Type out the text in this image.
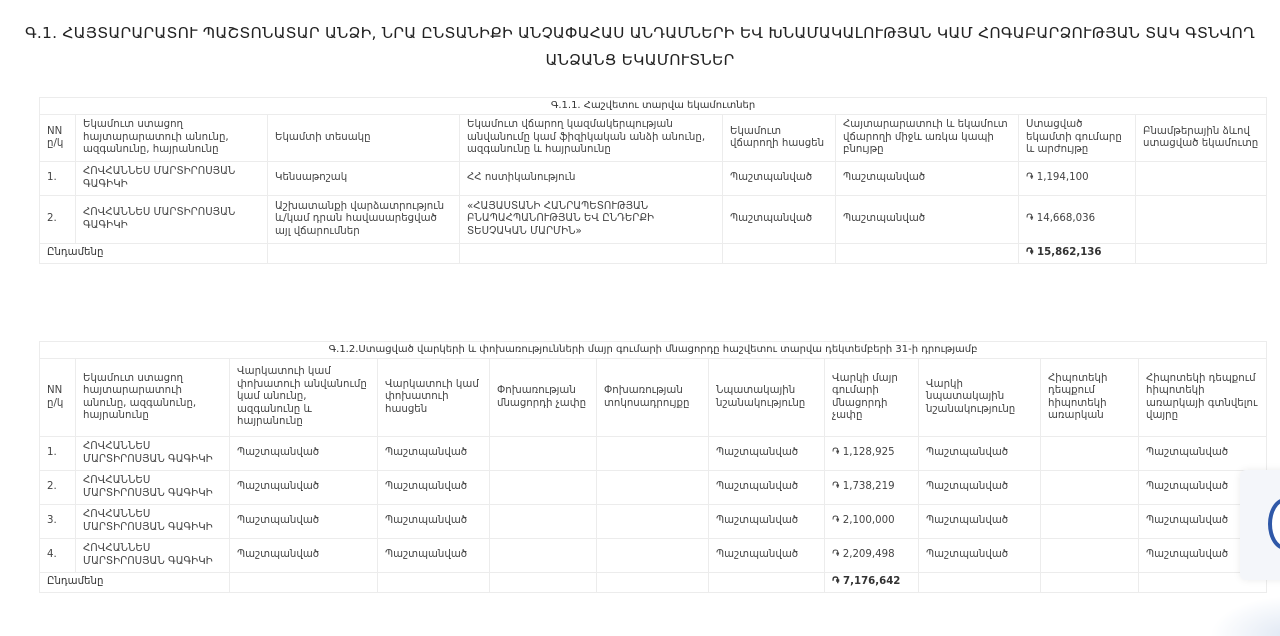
Գ.1. ՀԱՅՏԱՐԱՐԱՏՈՒ ՊԱՇՏՈՆԱՏԱՐ ԱՆՁԻ, ՆՐԱ ԸՆՏԱՆԻՔԻ ԱՆՉԱՓԱՀԱՍ ԱՆԴԱՄՆԵՐԻ ԵՎ ԽՆԱՄԱԿԱԼՈՒԹՅԱՆ ԿԱՄ ՀՈԳԱԲԱՐՁՈՒԹՅԱՆ ՏԱԿ ԳՏՆՎՈՂ
ԱՆՁԱՆՑ ԵԿԱՄՈՒՏՆԵՐ
Գ.1.1. Հաշվետու տարվա եկամուտներ							
NN ը/կ	Եկամուտ ստացող հայտարարատուի անունը, ազգանունը, հայրանունը	Եկամտի տեսակը	Եկամուտ վճարող կազմակերպության անվանումը կամ ֆիզիկական անձի անունը, ազգանունը և հայրանունը	Եկամուտ վճարողի հասցեն	Հայտարարատուի և եկամուտ վճարողի միջև առկա կապի բնույթը	Ստացված եկամտի գումարը և արժույթը	Բնամթերային ձևով ստացված եկամուտը
1.	ՀՈՎՀԱՆՆԵՍ ՄԱՐՏԻՐՈՍՅԱՆ ԳԱԳԻԿԻ	Կենսաթոշակ	ՀՀ ոստիկանություն	Պաշտպանված	Պաշտպանված	֏ 1,194,100	
2.	ՀՈՎՀԱՆՆԵՍ ՄԱՐՏԻՐՈՍՅԱՆ ԳԱԳԻԿԻ	Աշխատանքի վարձատրություն և/կամ դրան հավասարեցված այլ վճարումներ	«ՀԱՅԱՍՏԱՆԻ ՀԱՆՐԱՊԵՏՈՒԹՅԱՆ ԲՆԱՊԱՀՊԱՆՈՒԹՅԱՆ ԵՎ ԸՆԴԵՐՔԻ ՏԵՍՉԱԿԱՆ ՄԱՐՄԻՆ»	Պաշտպանված	Պաշտպանված	֏ 14,668,036	
Ընդամենը						֏ 15,862,136	
Գ.1.2.Ստացված վարկերի և փոխառությունների մայր գումարի մնացորդը հաշվետու տարվա դեկտեմբերի 31-ի դրությամբ										
NN ը/կ	Եկամուտ ստացող հայտարարատուի անունը, ազգանունը, հայրանունը	Վարկատուի կամ փոխատուի անվանումը կամ անունը, ազգանունը և հայրանունը	Վարկատուի կամ փոխատուի հասցեն	Փոխառության մնացորդի չափը	Փոխառության տոկոսադրույքը	Նպատակային նշանակությունը	Վարկի մայր գումարի մնացորդի չափը	Վարկի նպատակային նշանակությունը	Հիպոտեկի դեպքում հիպոտեկի առարկան	Հիպոտեկի դեպքում հիպոտեկի առարկայի գտնվելու վայրը
1.	ՀՈՎՀԱՆՆԵՍ ՄԱՐՏԻՐՈՍՅԱՆ ԳԱԳԻԿԻ	Պաշտպանված	Պաշտպանված			Պաշտպանված	֏ 1,128,925	Պաշտպանված		Պաշտպանված
2.	ՀՈՎՀԱՆՆԵՍ ՄԱՐՏԻՐՈՍՅԱՆ ԳԱԳԻԿԻ	Պաշտպանված	Պաշտպանված			Պաշտպանված	֏ 1,738,219	Պաշտպանված		Պաշտպանված
3.	ՀՈՎՀԱՆՆԵՍ ՄԱՐՏԻՐՈՍՅԱՆ ԳԱԳԻԿԻ	Պաշտպանված	Պաշտպանված			Պաշտպանված	֏ 2,100,000	Պաշտպանված		Պաշտպանված
4.	ՀՈՎՀԱՆՆԵՍ ՄԱՐՏԻՐՈՍՅԱՆ ԳԱԳԻԿԻ	Պաշտպանված	Պաշտպանված			Պաշտպանված	֏ 2,209,498	Պաշտպանված		Պաշտպանված
Ընդամենը							֏ 7,176,642			
